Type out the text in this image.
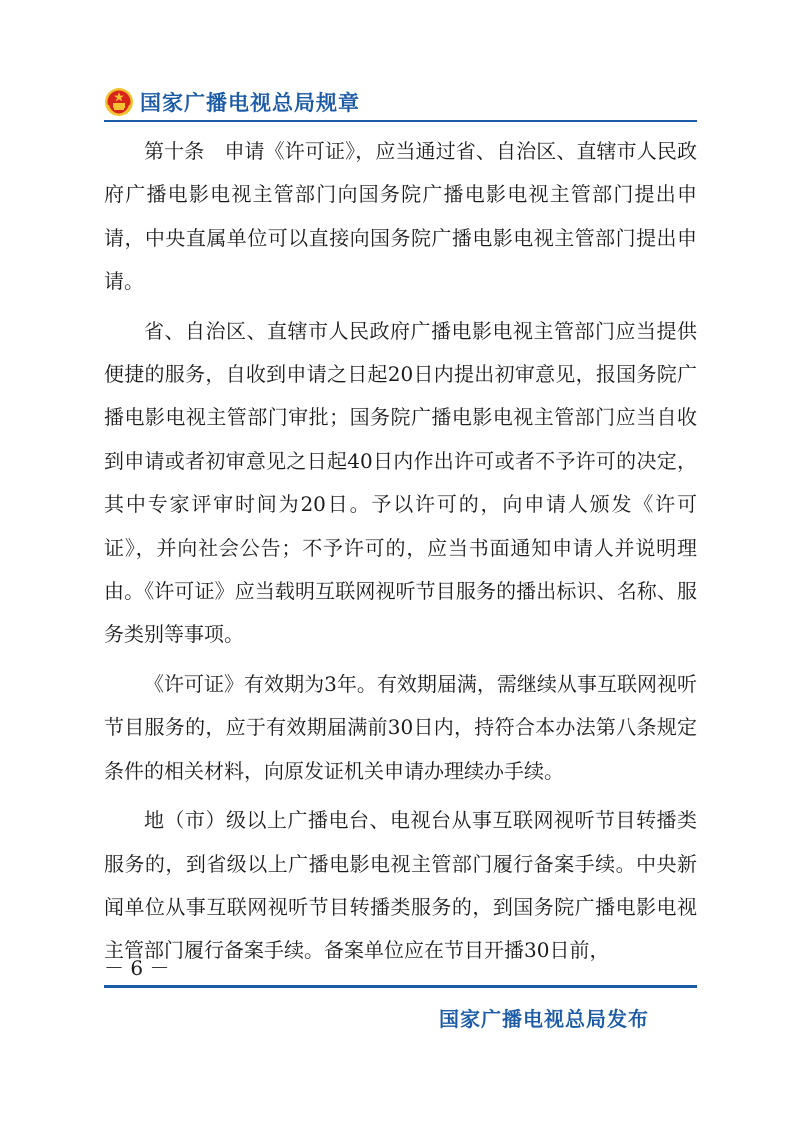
国家广播电视总局规章

第十条　申请《许可证》，应当通过省、自治区、直辖市人民政府广播电影电视主管部门向国务院广播电影电视主管部门提出申请，中央直属单位可以直接向国务院广播电影电视主管部门提出申请。

省、自治区、直辖市人民政府广播电影电视主管部门应当提供便捷的服务，自收到申请之日起20日内提出初审意见，报国务院广播电影电视主管部门审批；国务院广播电影电视主管部门应当自收到申请或者初审意见之日起40日内作出许可或者不予许可的决定，其中专家评审时间为20日。予以许可的，向申请人颁发《许可证》，并向社会公告；不予许可的，应当书面通知申请人并说明理由。《许可证》应当载明互联网视听节目服务的播出标识、名称、服务类别等事项。

《许可证》有效期为3年。有效期届满，需继续从事互联网视听节目服务的，应于有效期届满前30日内，持符合本办法第八条规定条件的相关材料，向原发证机关申请办理续办手续。

地（市）级以上广播电台、电视台从事互联网视听节目转播类服务的，到省级以上广播电影电视主管部门履行备案手续。中央新闻单位从事互联网视听节目转播类服务的，到国务院广播电影电视主管部门履行备案手续。备案单位应在节目开播30日前，

－ 6 －
国家广播电视总局发布
